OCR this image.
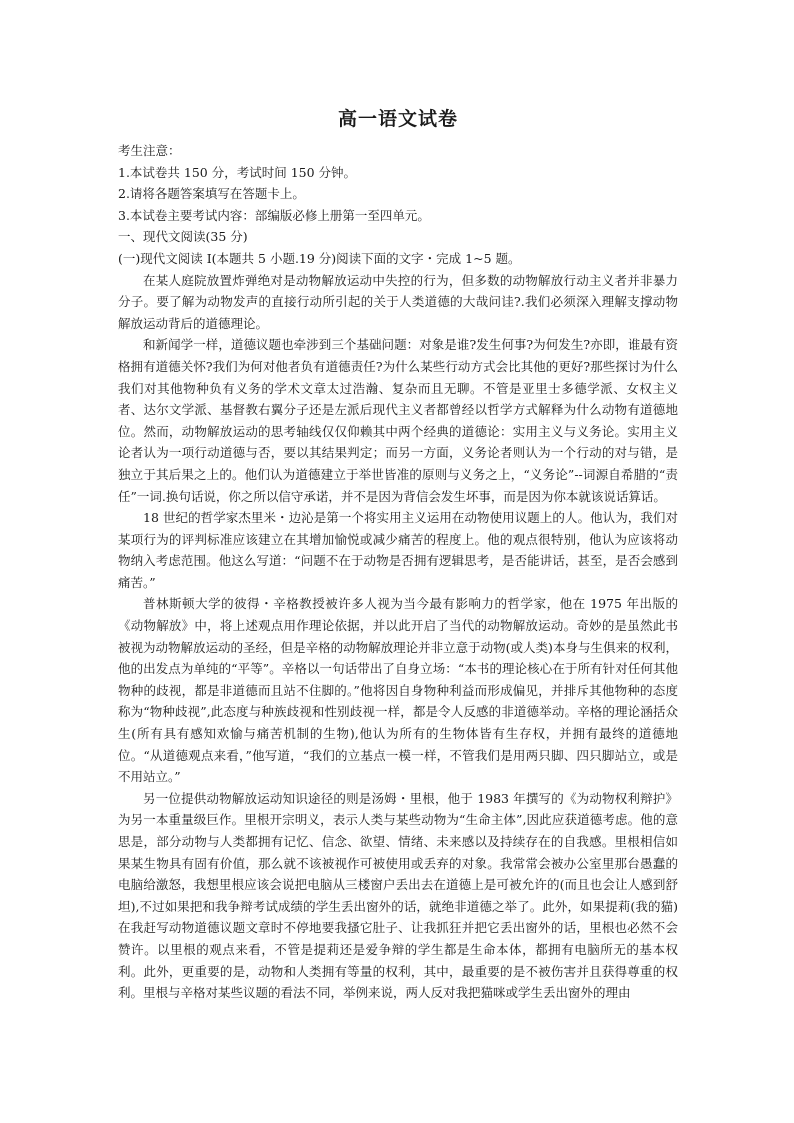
高一语文试卷

考生注意：

1.本试卷共 150 分，考试时间 150 分钟。

2.请将各题答案填写在答题卡上。

3.本试卷主要考试内容：部编版必修上册第一至四单元。

一、现代文阅读(35 分)

(一)现代文阅读 I(本题共 5 小题.19 分)阅读下面的文字・完成 1~5 题。

在某人庭院放置炸弹绝对是动物解放运动中失控的行为，但多数的动物解放行动主义者并非暴力分子。要了解为动物发声的直接行动所引起的关于人类道德的大哉问诖?.我们必须深入理解支撑动物解放运动背后的道德理论。

和新闻学一样，道德议题也牵涉到三个基础问题：对象是谁?发生何事?为何发生?亦即，谁最有资格拥有道德关怀?我们为何对他者负有道德责任?为什么某些行动方式会比其他的更好?那些探讨为什么我们对其他物种负有义务的学术文章太过浩瀚、复杂而且无聊。不管是亚里士多德学派、女权主义者、达尔文学派、基督教右翼分子还是左派后现代主义者都曾经以哲学方式解释为什么动物有道德地位。然而，动物解放运动的思考轴线仅仅仰赖其中两个经典的道德论：实用主义与义务论。实用主义论者认为一项行动道德与否，要以其结果判定；而另一方面，义务论者则认为一个行动的对与错，是独立于其后果之上的。他们认为道德建立于举世皆准的原则与义务之上，“义务论”--词源自希腊的“责任”一词.换句话说，你之所以信守承诺，并不是因为背信会发生坏事，而是因为你本就该说话算话。

18 世纪的哲学家杰里米・边沁是第一个将实用主义运用在动物使用议题上的人。他认为，我们对某项行为的评判标准应该建立在其增加愉悦或减少痛苦的程度上。他的观点很特别，他认为应该将动物纳入考虑范围。他这么写道：“问题不在于动物是否拥有逻辑思考，是否能讲话，甚至，是否会感到痛苦。”

普林斯顿大学的彼得・辛格教授被许多人视为当今最有影响力的哲学家，他在 1975 年出版的《动物解放》中，将上述观点用作理论依据，并以此开启了当代的动物解放运动。奇妙的是虽然此书被视为动物解放运动的圣经，但是辛格的动物解放理论并非立意于动物(或人类)本身与生俱来的权利，他的出发点为单纯的“平等”。辛格以一句话带出了自身立场：“本书的理论核心在于所有针对任何其他物种的歧视，都是非道德而且站不住脚的。”他将因自身物种利益而形成偏见，并排斥其他物种的态度称为“物种歧视”,此态度与种族歧视和性别歧视一样，都是令人反感的非道德举动。辛格的理论涵括众生(所有具有感知欢愉与痛苦机制的生物),他认为所有的生物体皆有生存权，并拥有最终的道德地位。“从道德观点来看，”他写道，“我们的立基点一模一样，不管我们是用两只脚、四只脚站立，或是不用站立。”

另一位提供动物解放运动知识途径的则是汤姆・里根，他于 1983 年撰写的《为动物权利辩护》为另一本重量级巨作。里根开宗明义，表示人类与某些动物为“生命主体”,因此应获道德考虑。他的意思是，部分动物与人类都拥有记忆、信念、欲望、情绪、未来感以及持续存在的自我感。里根相信如果某生物具有固有价值，那么就不该被视作可被使用或丢弃的对象。我常常会被办公室里那台愚蠢的电脑给激怒，我想里根应该会说把电脑从三楼窗户丢出去在道德上是可被允许的(而且也会让人感到舒坦),不过如果把和我争辩考试成绩的学生丢出窗外的话，就绝非道德之举了。此外，如果提莉(我的猫)在我赶写动物道德议题文章时不停地要我搔它肚子、让我抓狂并把它丢出窗外的话，里根也必然不会赞许。以里根的观点来看，不管是提莉还是爱争辩的学生都是生命本体，都拥有电脑所无的基本权利。此外，更重要的是，动物和人类拥有等量的权利，其中，最重要的是不被伤害并且获得尊重的权利。里根与辛格对某些议题的看法不同，举例来说，两人反对我把猫咪或学生丢出窗外的理由
